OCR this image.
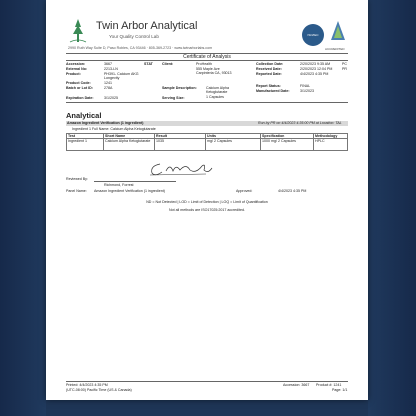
Twin Arbor Analytical
Your Quality Control Lab
2990 Ruth Way Suite D, Paso Robles, CA 93446 · 805-369-2723 · www.twinarborlabs.com
ISO/IEC
ACCREDITED
Certificate of Analysis
Accession:	3667	STAT
External No:	2213-LN
Product:	PH391- Calcium AKG
Longevity
Product Code:	1241
Batch or Lot ID:	278A
Expiration Date:	3/1/2025
Client:	ProHealth
555 Maple Ave
Carpinteria CA, 93013
Sample Description:	Calcium Alpha
Ketoglutarate
Serving Size:	1 Capsules
Collection Date:	2/20/2023 9:35 AM	PC
Received Date:	2/20/2023 12:04 PM	PR
Reported Date:	4/4/2023 4:35 PM
Report Status:	FINAL
Manufactured Date:	3/1/2023
Analytical
Amazon Ingredient Verification (1 ingredient)	Run by PR on 4/4/2023 4:35:00 PM at Location: TAL
Ingredient 1 Full Name: Calcium Alpha Ketoglutarate
Test	Short Name	Result	Units	Specification	Methodology
Ingredient 1	Calcium Alpha Ketoglutarate	1035	mg/ 2 Capsules	1000 mg/ 2 Capsules	HPLC
Reviewed By:
Richmond, Forrest
Panel Name: Amazon Ingredient Verification (1 ingredient)	Approved:	4/4/2023 4:35 PM
ND = Not Detected | LOD = Limit of Detection | LOQ = Limit of Quantification
Not all methods are ISO17025:2017 accredited.
Printed: 4/4/2023 4:35 PM
(UTC-08:00) Pacific Time (US & Canada)
Accession: 3667 Product #: 1241
Page: 1/1
